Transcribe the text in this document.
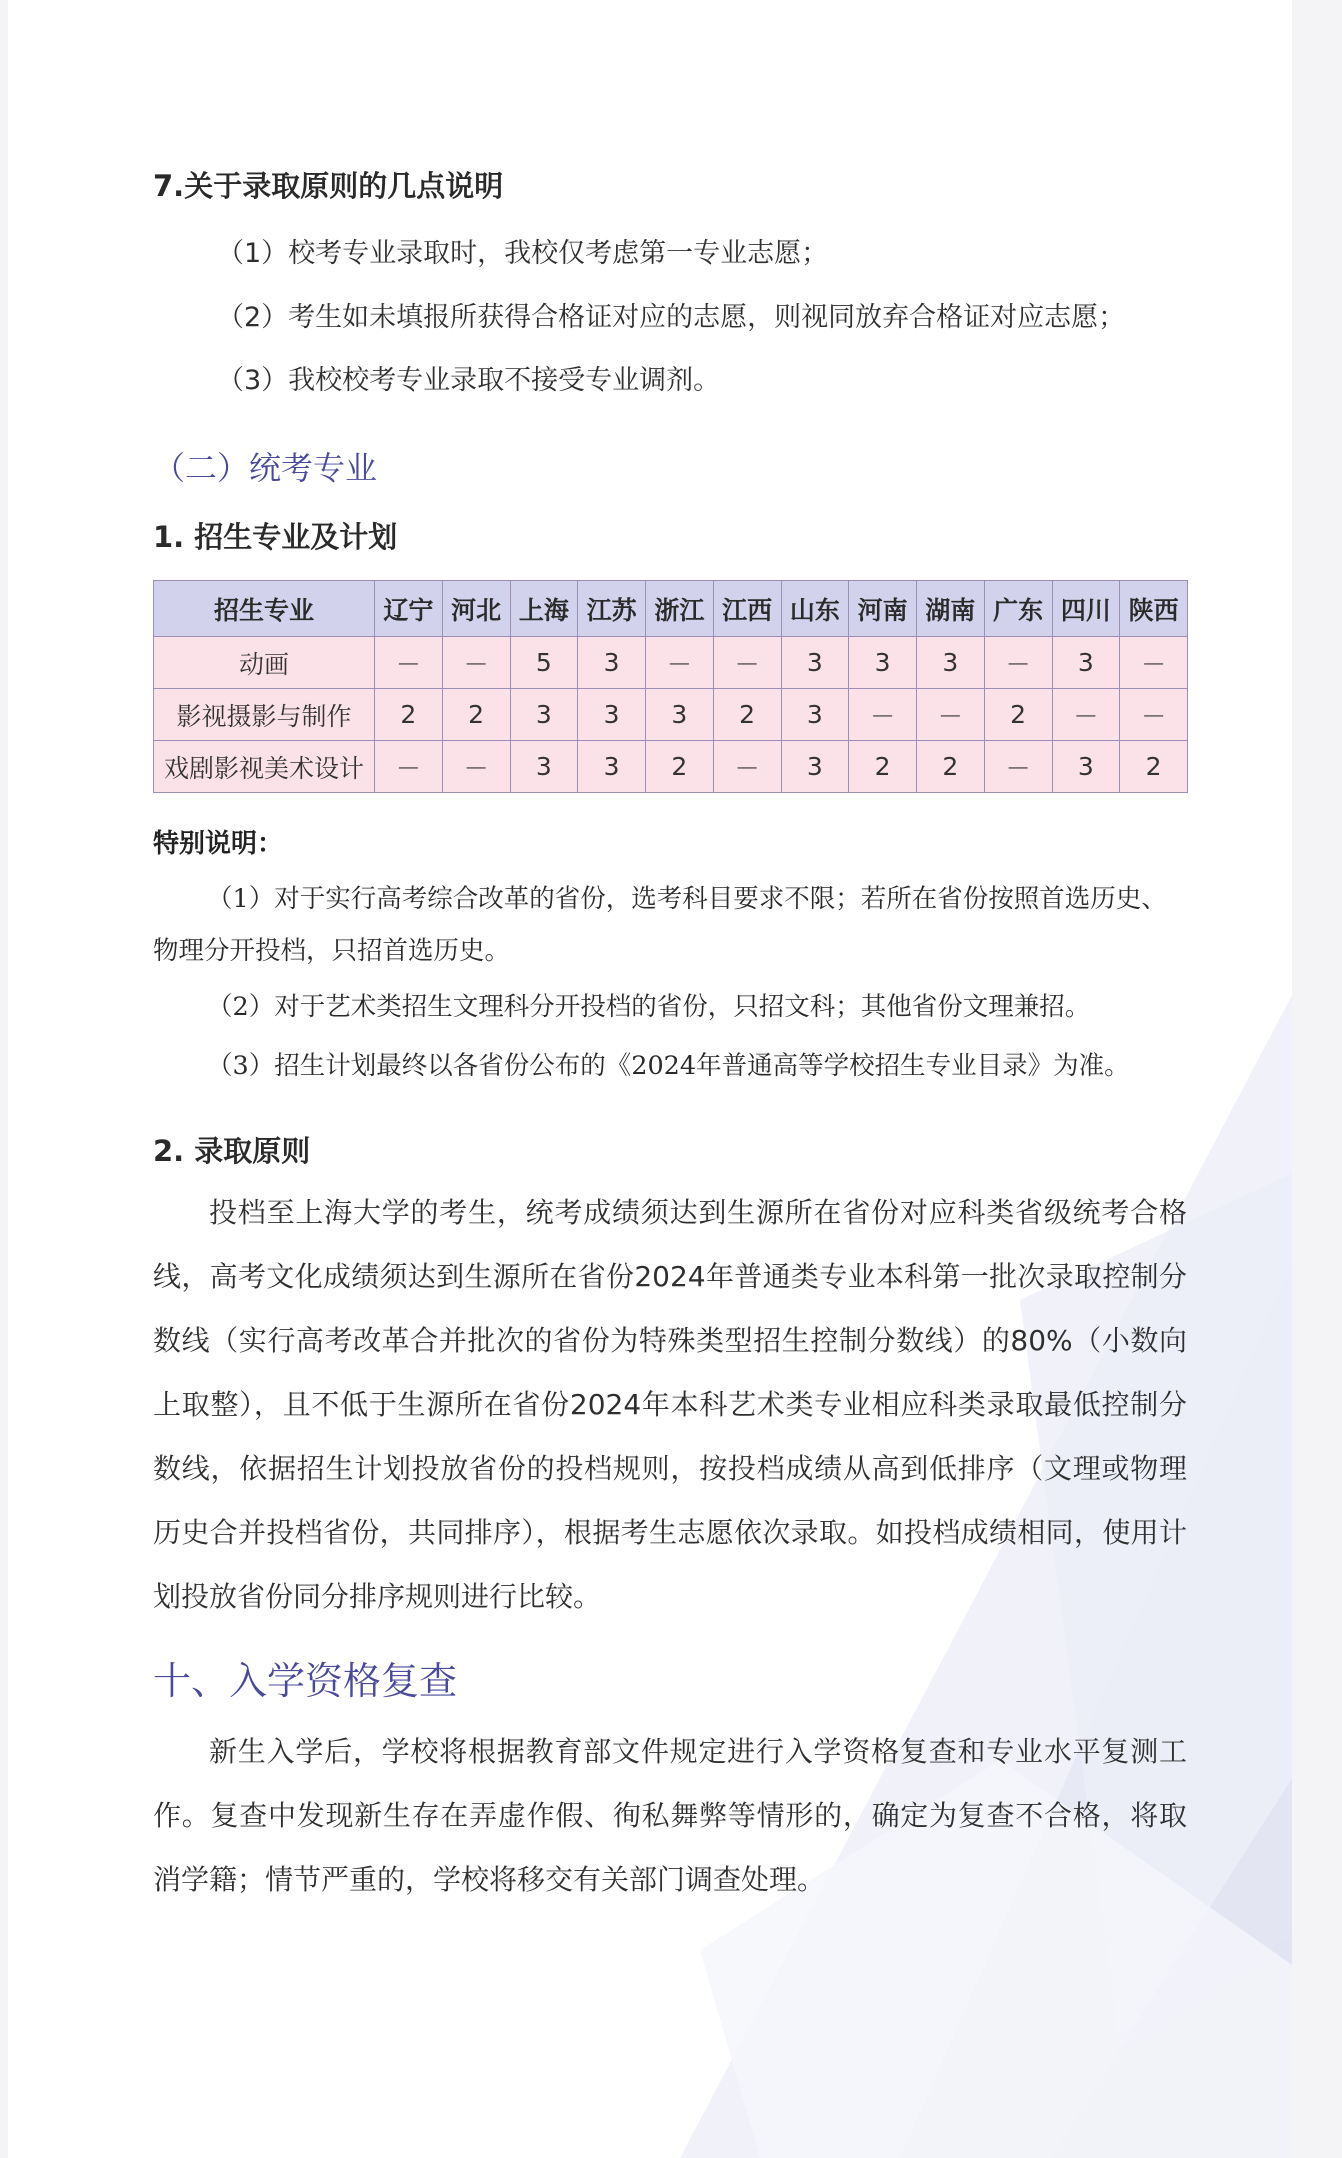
7.关于录取原则的几点说明
（1）校考专业录取时，我校仅考虑第一专业志愿；
（2）考生如未填报所获得合格证对应的志愿，则视同放弃合格证对应志愿；
（3）我校校考专业录取不接受专业调剂。
（二）统考专业
1. 招生专业及计划
招生专业	辽宁	河北	上海	江苏	浙江	江西	山东	河南	湖南	广东	四川	陕西
动画	－	－	5	3	－	－	3	3	3	－	3	－
影视摄影与制作	2	2	3	3	3	2	3	－	－	2	－	－
戏剧影视美术设计	－	－	3	3	2	－	3	2	2	－	3	2
特别说明：
（1）对于实行高考综合改革的省份，选考科目要求不限；若所在省份按照首选历史、物理分开投档，只招首选历史。
（2）对于艺术类招生文理科分开投档的省份，只招文科；其他省份文理兼招。
（3）招生计划最终以各省份公布的《2024年普通高等学校招生专业目录》为准。
2. 录取原则
投档至上海大学的考生，统考成绩须达到生源所在省份对应科类省级统考合格线，高考文化成绩须达到生源所在省份2024年普通类专业本科第一批次录取控制分数线（实行高考改革合并批次的省份为特殊类型招生控制分数线）的80%（小数向上取整），且不低于生源所在省份2024年本科艺术类专业相应科类录取最低控制分数线，依据招生计划投放省份的投档规则，按投档成绩从高到低排序（文理或物理历史合并投档省份，共同排序），根据考生志愿依次录取。如投档成绩相同，使用计划投放省份同分排序规则进行比较。
十、入学资格复查
新生入学后，学校将根据教育部文件规定进行入学资格复查和专业水平复测工作。复查中发现新生存在弄虚作假、徇私舞弊等情形的，确定为复查不合格，将取消学籍；情节严重的，学校将移交有关部门调查处理。
